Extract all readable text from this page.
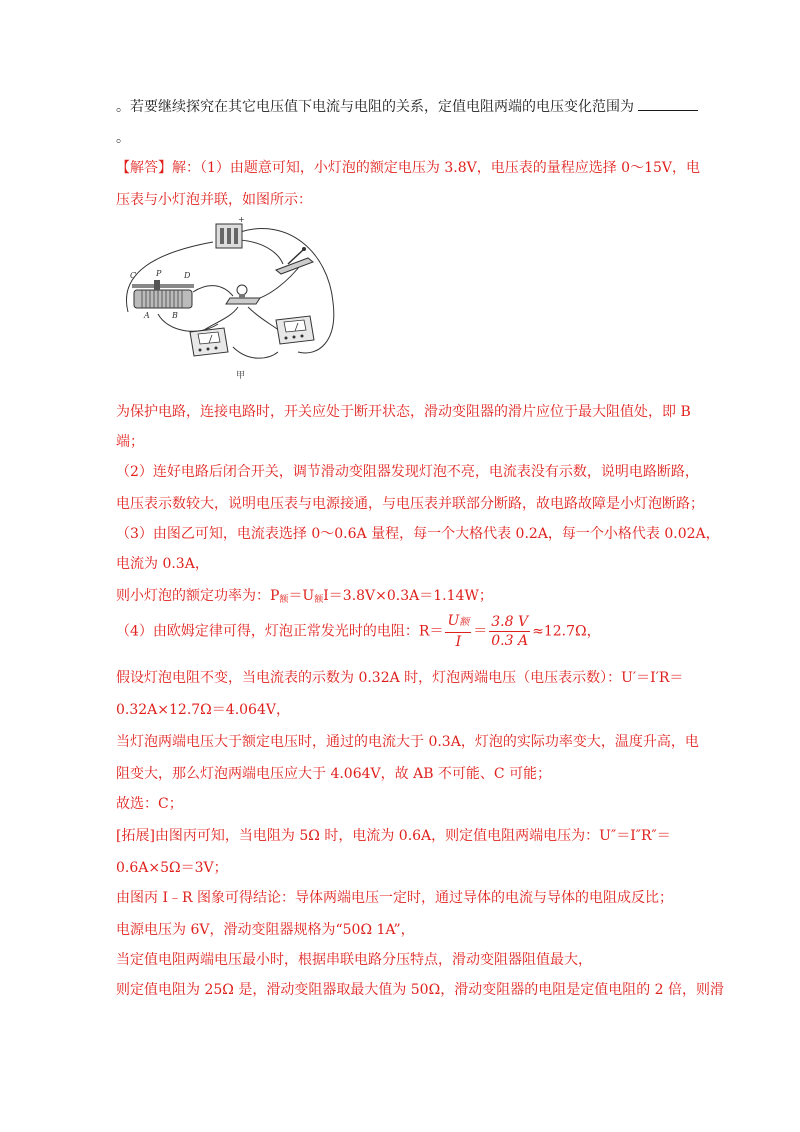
。若要继续探究在其它电压值下电流与电阻的关系，定值电阻两端的电压变化范围为
。
【解答】解：（1）由题意可知，小灯泡的额定电压为 3.8V，电压表的量程应选择 0～15V，电
压表与小灯泡并联，如图所示：
+
C P	D
A	B
甲
为保护电路，连接电路时，开关应处于断开状态，滑动变阻器的滑片应位于最大阻值处，即 B
端；
（2）连好电路后闭合开关，调节滑动变阻器发现灯泡不亮，电流表没有示数，说明电路断路，
电压表示数较大，说明电压表与电源接通，与电压表并联部分断路，故电路故障是小灯泡断路；
（3）由图乙可知，电流表选择 0～0.6A 量程，每一个大格代表 0.2A，每一个小格代表 0.02A，
电流为 0.3A，
则小灯泡的额定功率为：$P_额=U_额I=3.8V\times 0.3A=1.14W$；
（4）由欧姆定律可得，灯泡正常发光时的电阻：$R= \frac{\text{U额}}{I} = \frac{3.8 V}{0.3 A} \approx 12.7\Omega$，
假设灯泡电阻不变，当电流表的示数为 0.32A 时，灯泡两端电压（电压表示数）：U′＝I′R＝
0.32A×12.7Ω＝4.064V，
当灯泡两端电压大于额定电压时，通过的电流大于 0.3A，灯泡的实际功率变大，温度升高，电
阻变大，那么灯泡两端电压应大于 4.064V，故 AB 不可能、C 可能；
故选：C；
[拓展]由图丙可知，当电阻为 5Ω 时，电流为 0.6A，则定值电阻两端电压为：U″＝I″R″＝
0.6A×5Ω＝3V；
由图丙 I﹣R 图象可得结论：导体两端电压一定时，通过导体的电流与导体的电阻成反比；
电源电压为 6V，滑动变阻器规格为“50Ω 1A”，
当定值电阻两端电压最小时，根据串联电路分压特点，滑动变阻器阻值最大，
则定值电阻为 25Ω 是，滑动变阻器取最大值为 50Ω，滑动变阻器的电阻是定值电阻的 2 倍，则滑
